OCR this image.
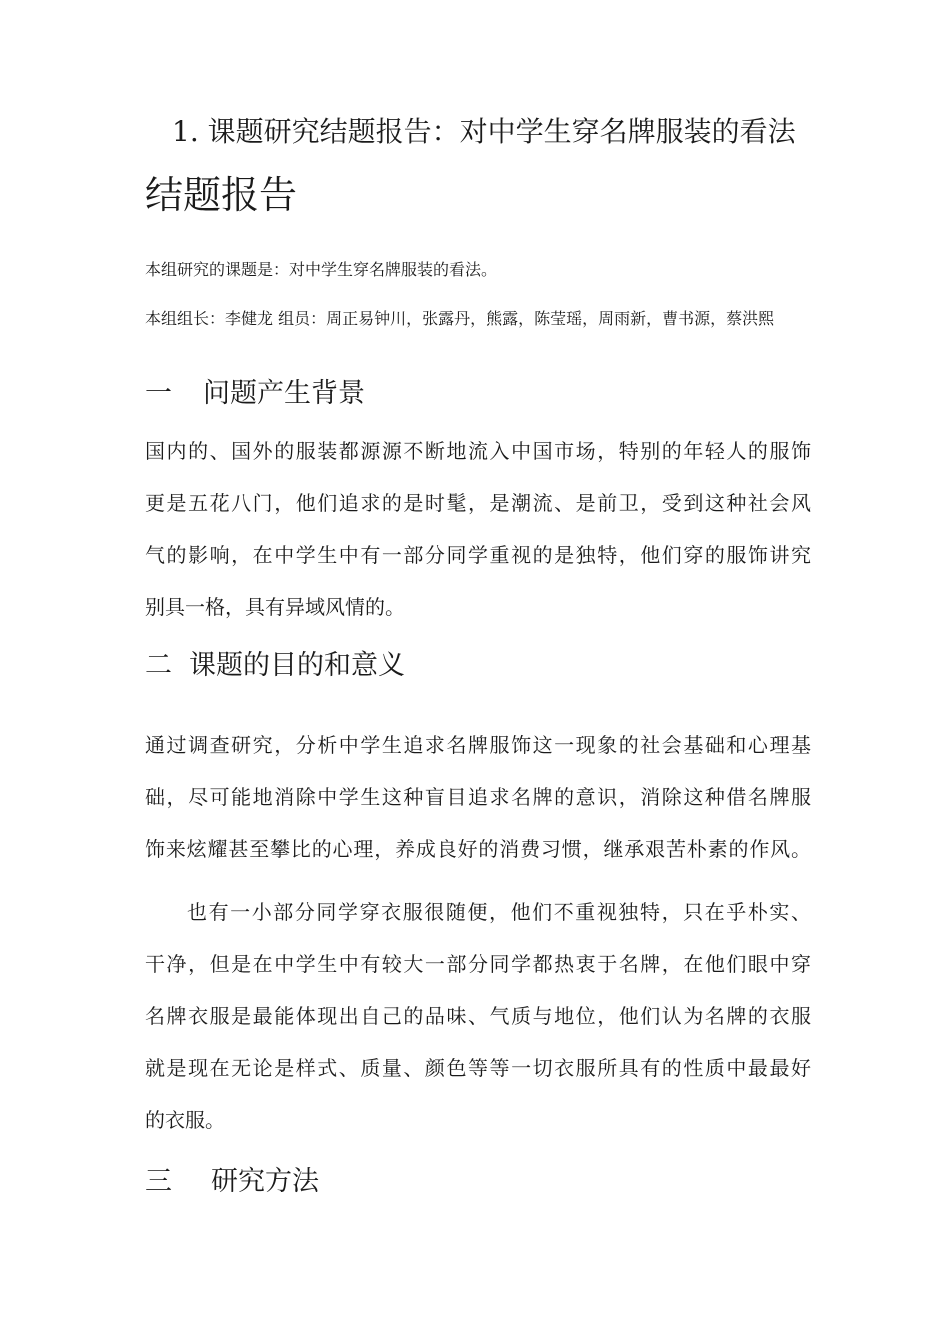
1. 课题研究结题报告：对中学生穿名牌服装的看法
结题报告
本组研究的课题是：对中学生穿名牌服装的看法。
本组组长：李健龙 组员：周正易钟川，张露丹，熊露，陈莹瑶，周雨新，曹书源，蔡洪熙
一 问题产生背景
国内的、国外的服装都源源不断地流入中国市场，特别的年轻人的服饰
更是五花八门，他们追求的是时髦，是潮流、是前卫，受到这种社会风
气的影响，在中学生中有一部分同学重视的是独特，他们穿的服饰讲究
别具一格，具有异域风情的。
二 课题的目的和意义
通过调查研究，分析中学生追求名牌服饰这一现象的社会基础和心理基
础，尽可能地消除中学生这种盲目追求名牌的意识，消除这种借名牌服
饰来炫耀甚至攀比的心理，养成良好的消费习惯，继承艰苦朴素的作风。
也有一小部分同学穿衣服很随便，他们不重视独特，只在乎朴实、
干净，但是在中学生中有较大一部分同学都热衷于名牌，在他们眼中穿
名牌衣服是最能体现出自己的品味、气质与地位，他们认为名牌的衣服
就是现在无论是样式、质量、颜色等等一切衣服所具有的性质中最最好
的衣服。
三 研究方法
